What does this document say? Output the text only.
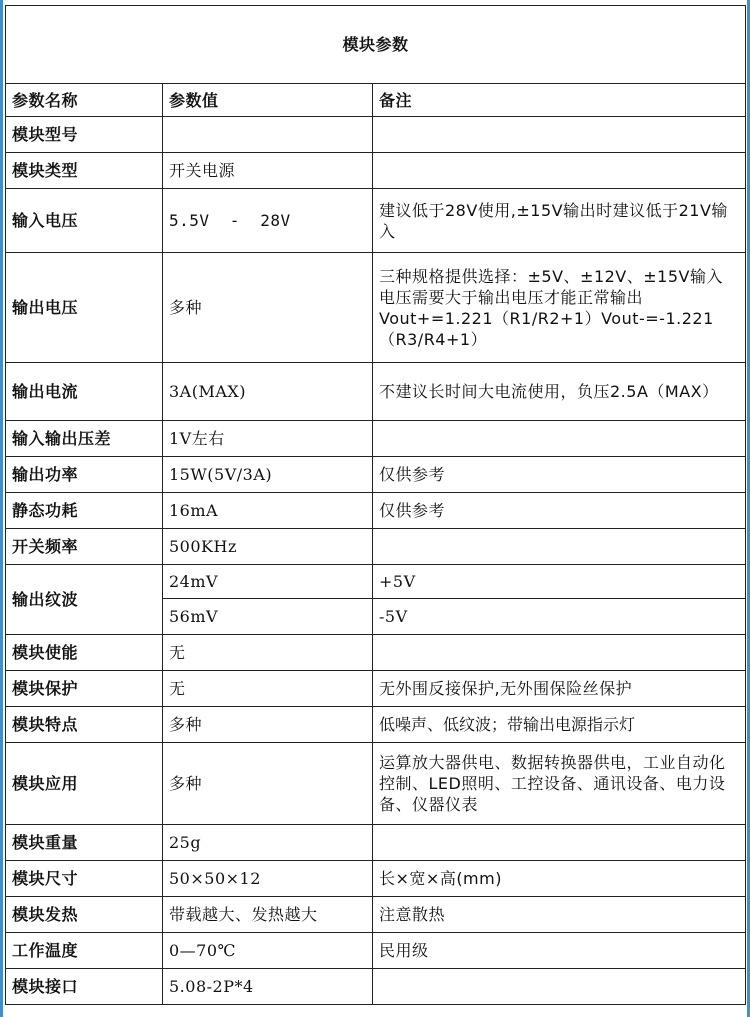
模块参数		
参数名称	参数值	备注
模块型号		
模块类型	开关电源	
输入电压	5.5V  -  28V	建议低于28V使用,±15V输出时建议低于21V输入
输出电压	多种	三种规格提供选择：±5V、±12V、±15V输入电压需要大于输出电压才能正常输出Vout+=1.221（R1/R2+1）Vout-=-1.221（R3/R4+1）
输出电流	3A(MAX)	不建议长时间大电流使用，负压2.5A（MAX）
输入输出压差	1V左右	
输出功率	15W(5V/3A)	仅供参考
静态功耗	16mA	仅供参考
开关频率	500KHz	
输出纹波	24mV	+5V
	56mV	-5V
模块使能	无	
模块保护	无	无外围反接保护,无外围保险丝保护
模块特点	多种	低噪声、低纹波；带输出电源指示灯
模块应用	多种	运算放大器供电、数据转换器供电，工业自动化控制、LED照明、工控设备、通讯设备、电力设备、仪器仪表
模块重量	25g	
模块尺寸	50×50×12	长×宽×高(mm)
模块发热	带载越大、发热越大	注意散热
工作温度	0—70℃	民用级
模块接口	5.08-2P*4	
